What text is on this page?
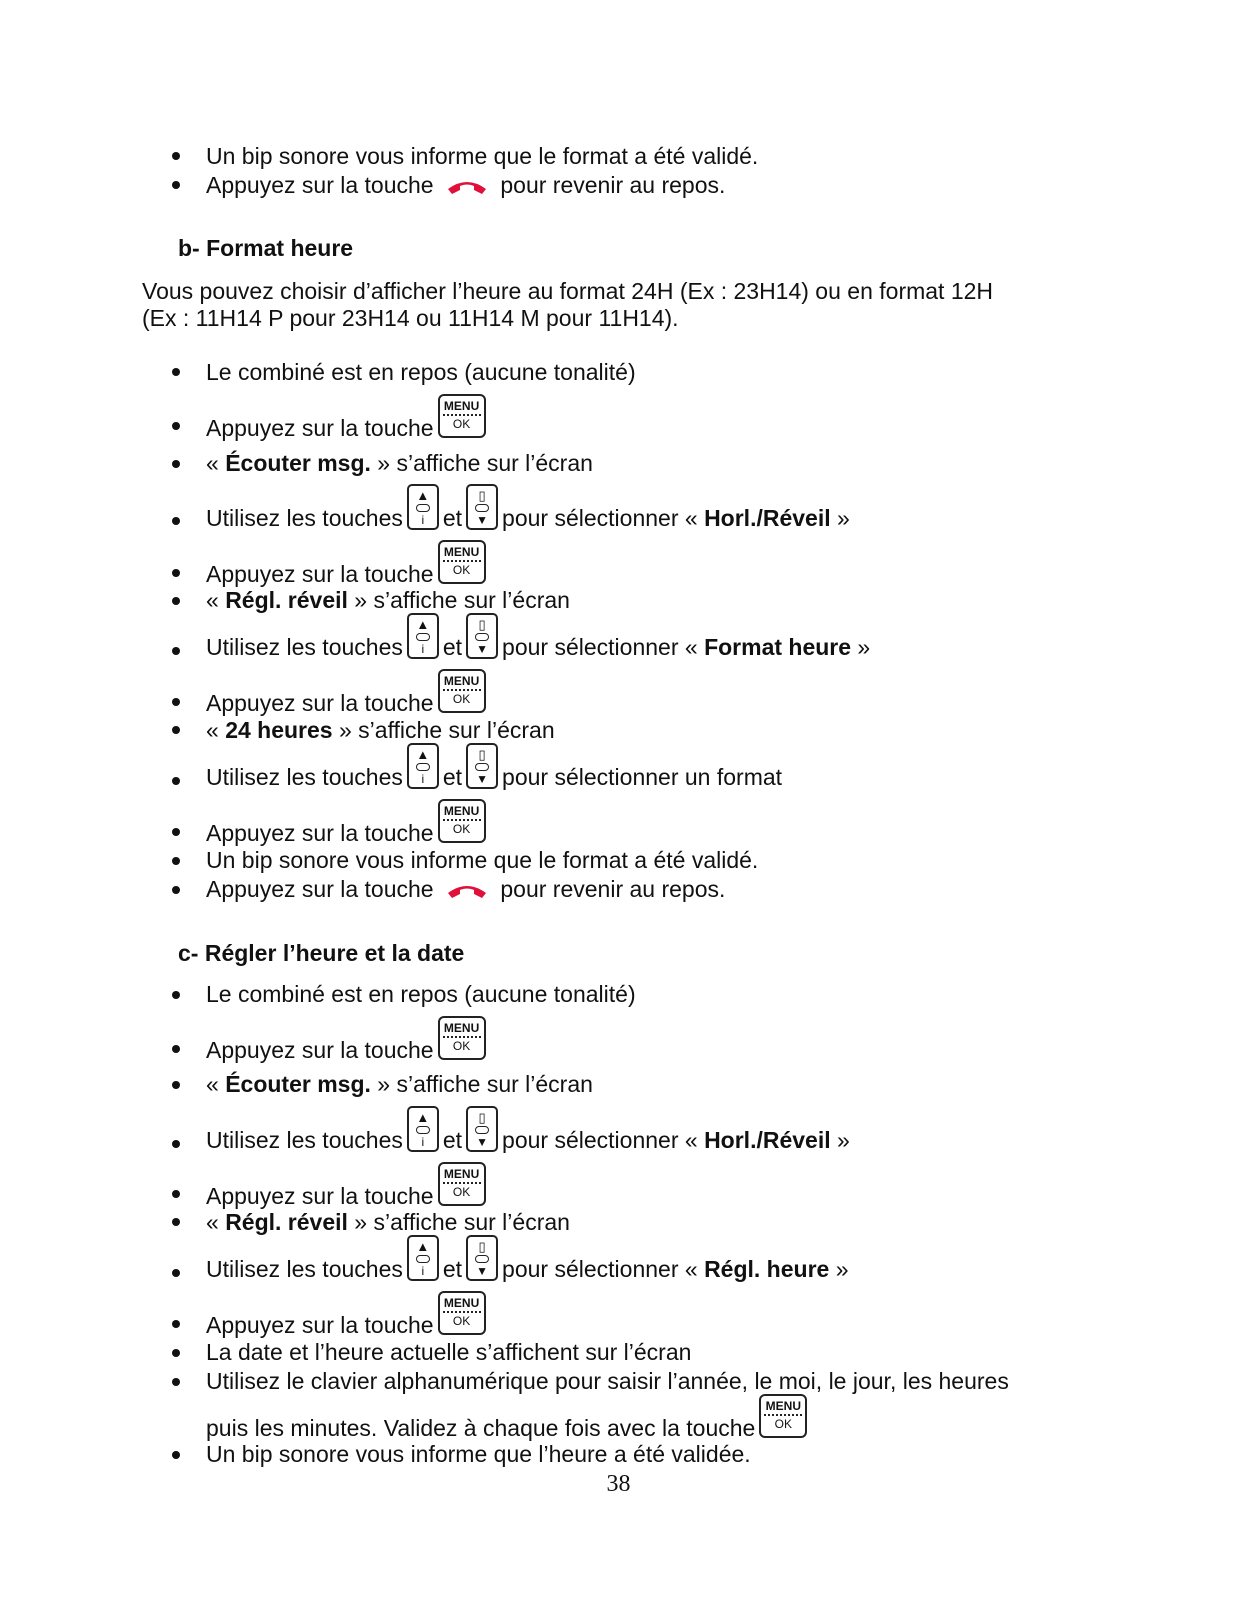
Un bip sonore vous informe que le format a été validé.
Appuyez sur la touche	pour revenir au repos.
b- Format heure
Vous pouvez choisir d’afficher l’heure au format 24H (Ex : 23H14) ou en format 12H
(Ex : 11H14 P pour 23H14 ou 11H14 M pour 11H14).
Le combiné est en repos (aucune tonalité)
Appuyez sur la touche
MENU
OK
« Écouter msg. » s’affiche sur l’écran
Utilisez les touches
▲
i et
▯
▼ pour sélectionner « Horl./Réveil »
Appuyez sur la touche
MENU
OK
« Régl. réveil » s’affiche sur l’écran
Utilisez les touches
▲
i et
▯
▼ pour sélectionner « Format heure »
Appuyez sur la touche
MENU
OK
« 24 heures » s’affiche sur l’écran
Utilisez les touches
▲
i et
▯
▼ pour sélectionner un format
Appuyez sur la touche
MENU
OK
Un bip sonore vous informe que le format a été validé.
Appuyez sur la touche	pour revenir au repos.
c- Régler l’heure et la date
Le combiné est en repos (aucune tonalité)
Appuyez sur la touche
MENU
OK
« Écouter msg. » s’affiche sur l’écran
Utilisez les touches
▲
i et
▯
▼ pour sélectionner « Horl./Réveil »
Appuyez sur la touche
MENU
OK
« Régl. réveil » s’affiche sur l’écran
Utilisez les touches
▲
i et
▯
▼ pour sélectionner « Régl. heure »
Appuyez sur la touche
MENU
OK
La date et l’heure actuelle s’affichent sur l’écran
Utilisez le clavier alphanumérique pour saisir l’année, le moi, le jour, les heures
puis les minutes. Validez à chaque fois avec la touche
MENU
OK
Un bip sonore vous informe que l’heure a été validée.
38
